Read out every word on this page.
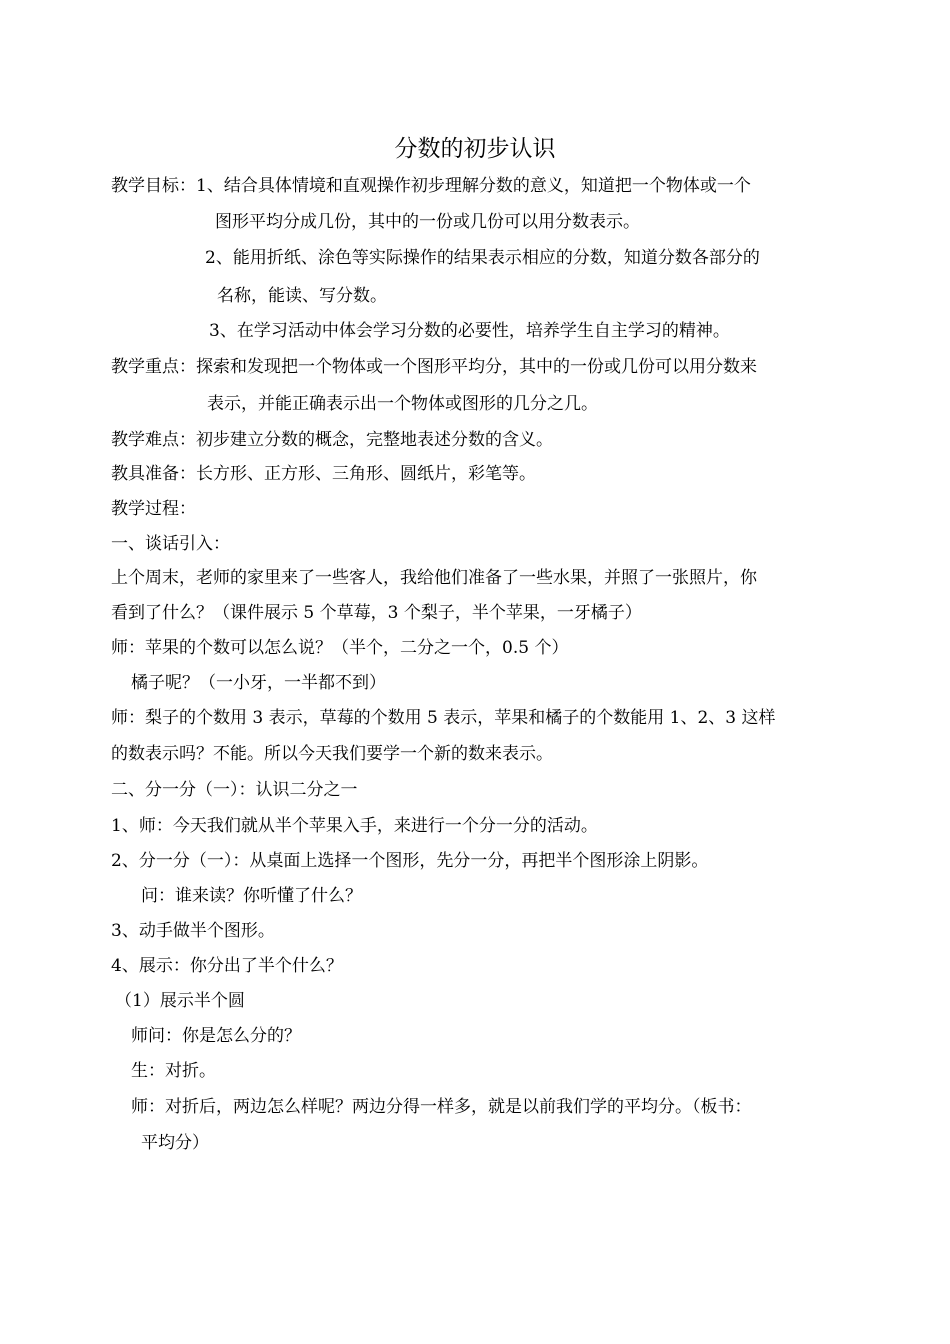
分数的初步认识
教学目标：1、结合具体情境和直观操作初步理解分数的意义，知道把一个物体或一个
图形平均分成几份，其中的一份或几份可以用分数表示。
2、能用折纸、涂色等实际操作的结果表示相应的分数，知道分数各部分的
名称，能读、写分数。
3、在学习活动中体会学习分数的必要性，培养学生自主学习的精神。
教学重点：探索和发现把一个物体或一个图形平均分，其中的一份或几份可以用分数来
表示，并能正确表示出一个物体或图形的几分之几。
教学难点：初步建立分数的概念，完整地表述分数的含义。
教具准备：长方形、正方形、三角形、圆纸片，彩笔等。
教学过程：
一、谈话引入：
上个周末，老师的家里来了一些客人，我给他们准备了一些水果，并照了一张照片，你
看到了什么？（课件展示 5 个草莓，3 个梨子，半个苹果，一牙橘子）
师：苹果的个数可以怎么说？（半个，二分之一个，0.5 个）
橘子呢？（一小牙，一半都不到）
师：梨子的个数用 3 表示，草莓的个数用 5 表示，苹果和橘子的个数能用 1、2、3 这样
的数表示吗？不能。所以今天我们要学一个新的数来表示。
二、分一分（一）：认识二分之一
1、师：今天我们就从半个苹果入手，来进行一个分一分的活动。
2、分一分（一）：从桌面上选择一个图形，先分一分，再把半个图形涂上阴影。
问：谁来读？你听懂了什么？
3、动手做半个图形。
4、展示：你分出了半个什么？
（1）展示半个圆
师问：你是怎么分的？
生：对折。
师：对折后，两边怎么样呢？两边分得一样多，就是以前我们学的平均分。（板书：
平均分）
